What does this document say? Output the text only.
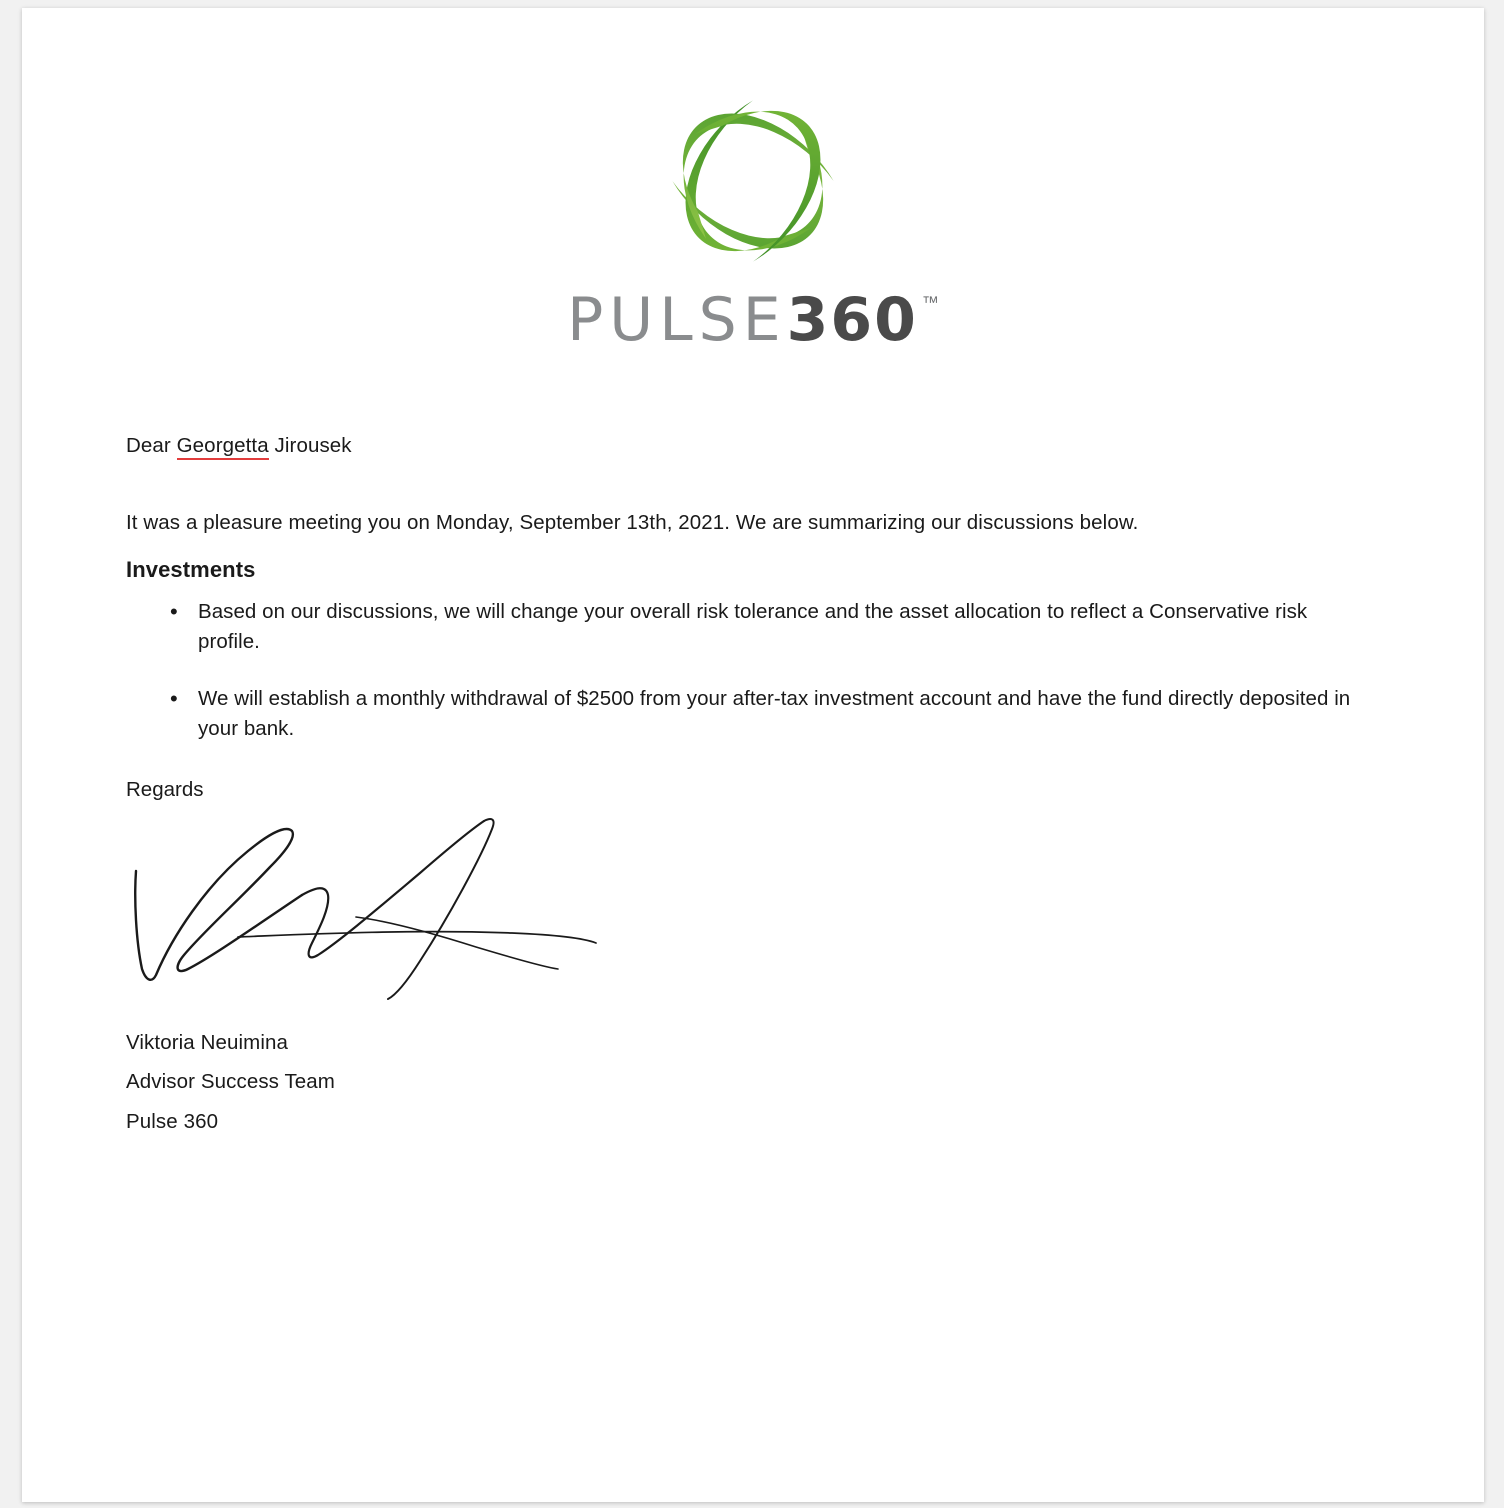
PULSE 360 ™
Dear Georgetta Jirousek
It was a pleasure meeting you on Monday, September 13th, 2021. We are summarizing our discussions below.
Investments
• Based on our discussions, we will change your overall risk tolerance and the asset allocation to reflect a Conservative risk profile.
• We will establish a monthly withdrawal of $2500 from your after-tax investment account and have the fund directly deposited in your bank.
Regards
Viktoria Neuimina
Advisor Success Team
Pulse 360
